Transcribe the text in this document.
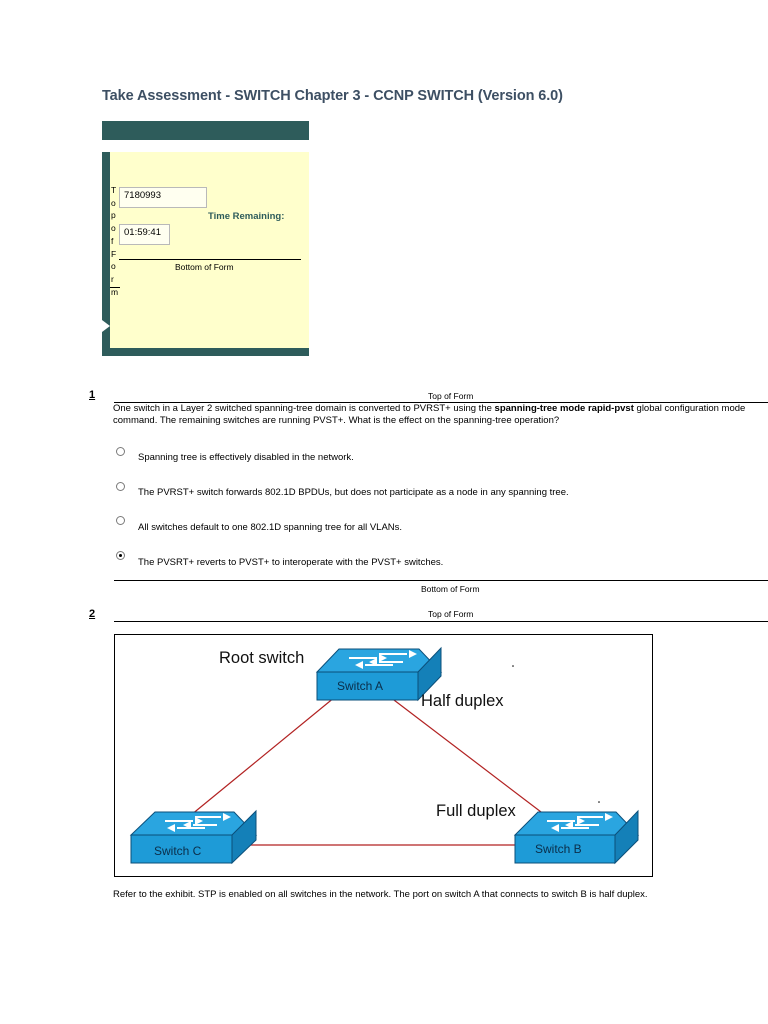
Take Assessment - SWITCH Chapter 3 - CCNP SWITCH (Version 6.0)
T
o
p
o
f
F
o
r
m
7180993
Time Remaining:
01:59:41
Bottom of Form
1	Top of Form
One switch in a Layer 2 switched spanning-tree domain is converted to PVRST+ using the spanning-tree mode rapid-pvst global configuration mode command. The remaining switches are running PVST+. What is the effect on the spanning-tree operation?
Spanning tree is effectively disabled in the network.
The PVRST+ switch forwards 802.1D BPDUs, but does not participate as a node in any spanning tree.
All switches default to one 802.1D spanning tree for all VLANs.
The PVSRT+ reverts to PVST+ to interoperate with the PVST+ switches.
Bottom of Form
2	Top of Form
Root switch
Half duplex
Full duplex
Switch A
Switch C	Switch B
Refer to the exhibit. STP is enabled on all switches in the network. The port on switch A that connects to switch B is half duplex.
